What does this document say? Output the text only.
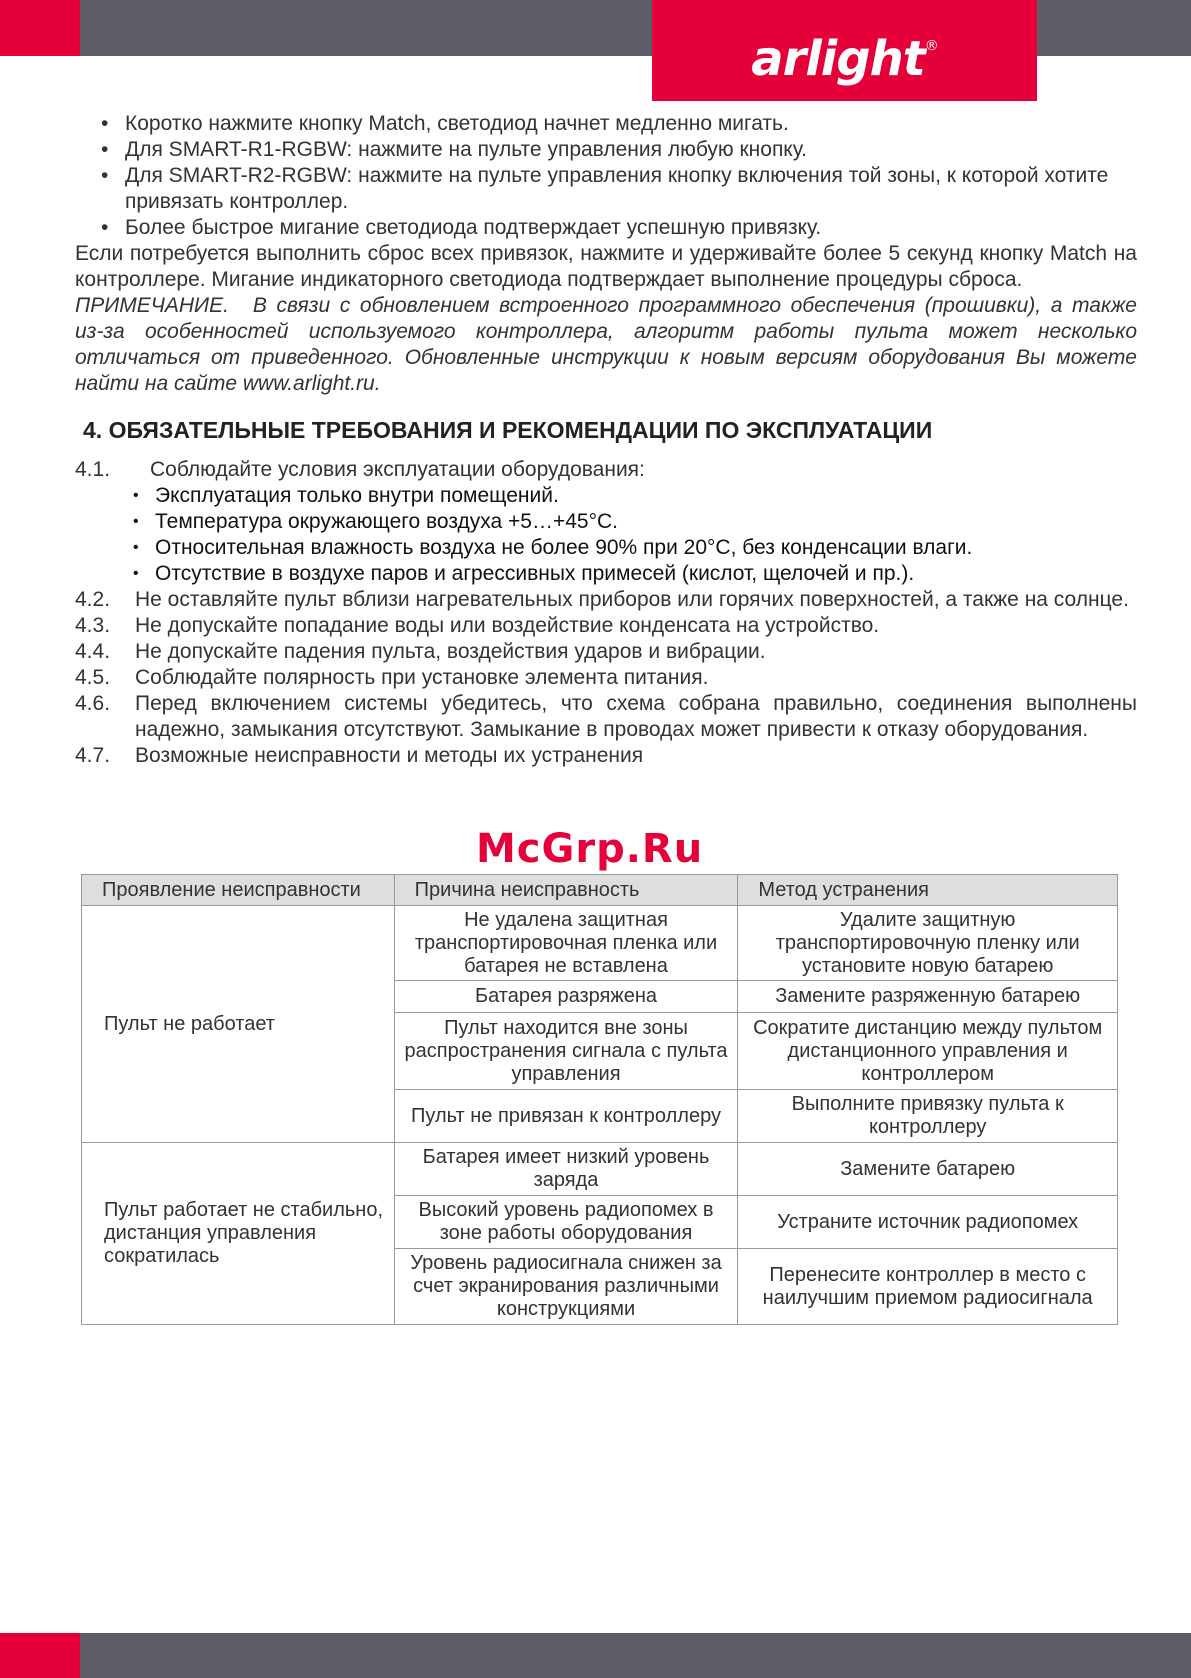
arlight®
• Коротко нажмите кнопку Match, светодиод начнет медленно мигать.
• Для SMART-R1-RGBW: нажмите на пульте управления любую кнопку.
• Для SMART-R2-RGBW: нажмите на пульте управления кнопку включения той зоны, к которой хотите привязать контроллер.
• Более быстрое мигание светодиода подтверждает успешную привязку.

Если потребуется выполнить сброс всех привязок, нажмите и удерживайте более 5 секунд кнопку Match на контроллере. Мигание индикаторного светодиода подтверждает выполнение процедуры сброса.

ПРИМЕЧАНИЕ. В связи с обновлением встроенного программного обеспечения (прошивки), а также из-за особенностей используемого контроллера, алгоритм работы пульта может несколько отличаться от приведенного. Обновленные инструкции к новым версиям оборудования Вы можете найти на сайте www.arlight.ru.

4. ОБЯЗАТЕЛЬНЫЕ ТРЕБОВАНИЯ И РЕКОМЕНДАЦИИ ПО ЭКСПЛУАТАЦИИ
4.1.	Соблюдайте условия эксплуатации оборудования:
• Эксплуатация только внутри помещений.
• Температура окружающего воздуха +5…+45°С.
• Относительная влажность воздуха не более 90% при 20°C, без конденсации влаги.
• Отсутствие в воздухе паров и агрессивных примесей (кислот, щелочей и пр.).
4.2.	Не оставляйте пульт вблизи нагревательных приборов или горячих поверхностей, а также на солнце.
4.3.	Не допускайте попадание воды или воздействие конденсата на устройство.
4.4.	Не допускайте падения пульта, воздействия ударов и вибрации.
4.5.	Соблюдайте полярность при установке элемента питания.
4.6.	Перед включением системы убедитесь, что схема собрана правильно, соединения выполнены надежно, замыкания отсутствуют. Замыкание в проводах может привести к отказу оборудования.
4.7.	Возможные неисправности и методы их устранения
McGrp.Ru
Проявление неисправности	Причина неисправность	Метод устранения
Пульт не работает	Не удалена защитная транспортировочная пленка или батарея не вставлена	Удалите защитную транспортировочную пленку или установите новую батарею
	Батарея разряжена	Замените разряженную батарею
	Пульт находится вне зоны распространения сигнала с пульта управления	Сократите дистанцию между пультом дистанционного управления и контроллером
	Пульт не привязан к контроллеру	Выполните привязку пульта к контроллеру
Пульт работает не стабильно, дистанция управления сократилась	Батарея имеет низкий уровень заряда	Замените батарею
	Высокий уровень радиопомех в зоне работы оборудования	Устраните источник радиопомех
	Уровень радиосигнала снижен за счет экранирования различными конструкциями	Перенесите контроллер в место с наилучшим приемом радиосигнала
